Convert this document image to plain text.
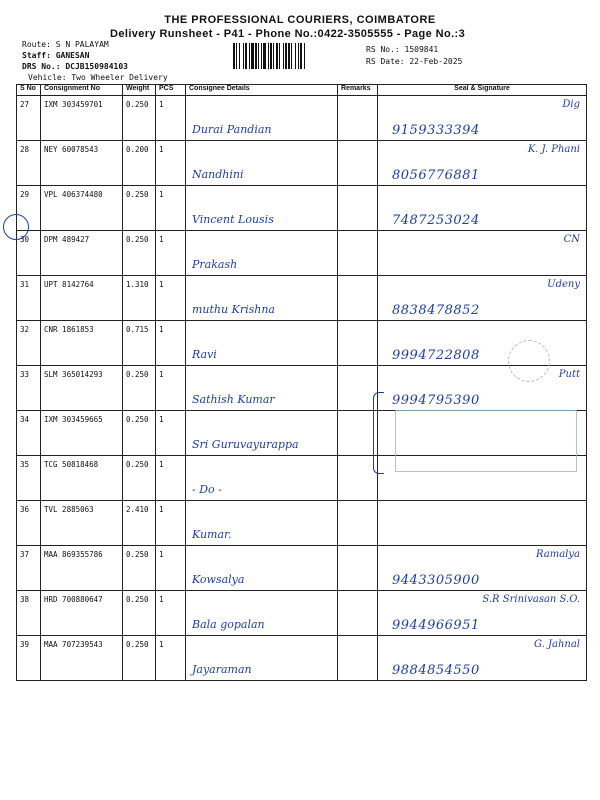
THE PROFESSIONAL COURIERS, COIMBATORE
Delivery Runsheet - P41 - Phone No.:0422-3505555 - Page No.:3
Route: S N PALAYAM
Staff: GANESAN
DRS No.: DCJB150984103
Vehicle: Two Wheeler Delivery
RS No.: 1509841
RS Date: 22-Feb-2025
S No	Consignment No	Weight	PCS	Consignee Details	Remarks	Seal & Signature
27	IXM 303459701	0.250	1	Durai Pandian		9159333394
Dig

28	NEY 60078543	0.200	1	Nandhini		8056776881
K. J. Phani

29	VPL 406374480	0.250	1	Vincent Lousis		7487253024

30	DPM 489427	0.250	1	Prakash		CN

31	UPT 8142764	1.310	1	muthu Krishna		8838478852
Udeny

32	CNR 1861853	0.715	1	Ravi		9994722808

33	SLM 365014293	0.250	1	Sathish Kumar		9994795390
Putt

34	IXM 303459665	0.250	1	Sri Guruvayurappa		

35	TCG 50818468	0.250	1	- Do -		

36	TVL 2885063	2.410	1	Kumar.		

37	MAA 869355786	0.250	1	Kowsalya		9443305900
Ramalya

38	HRD 700880647	0.250	1	Bala gopalan		9944966951
S.R Srinivasan S.O.

39	MAA 707239543	0.250	1	Jayaraman		9884854550
G. Jahnal
